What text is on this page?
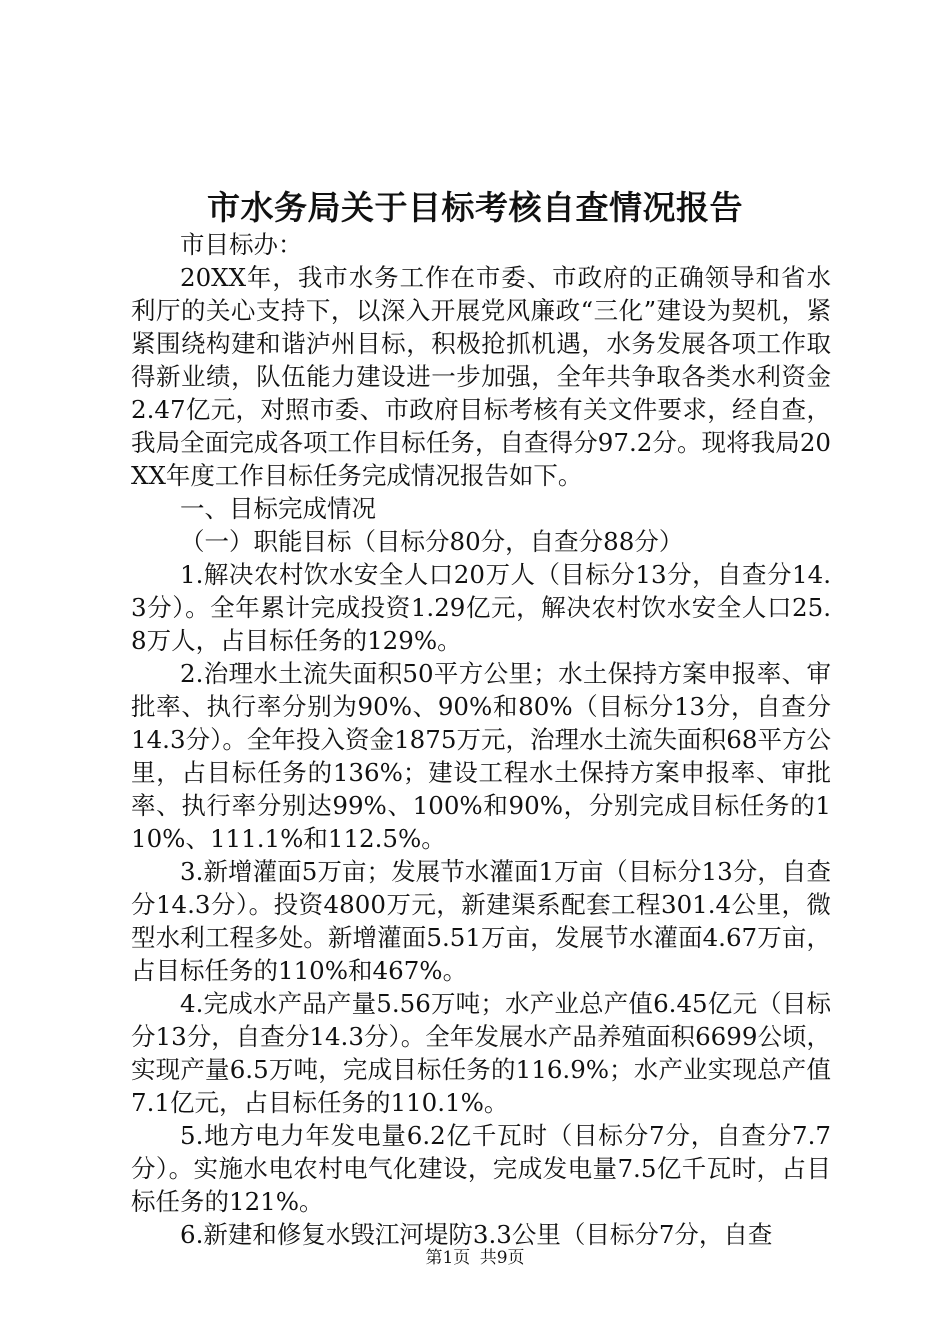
市水务局关于目标考核自查情况报告

市目标办：

20XX年，我市水务工作在市委、市政府的正确领导和省水利厅的关心支持下，以深入开展党风廉政“三化”建设为契机，紧紧围绕构建和谐泸州目标，积极抢抓机遇，水务发展各项工作取得新业绩，队伍能力建设进一步加强，全年共争取各类水利资金2.47亿元，对照市委、市政府目标考核有关文件要求，经自查，我局全面完成各项工作目标任务，自查得分97.2分。现将我局20XX年度工作目标任务完成情况报告如下。

一、目标完成情况

（一）职能目标（目标分80分，自查分88分）

1.解决农村饮水安全人口20万人（目标分13分，自查分14.3分）。全年累计完成投资1.29亿元，解决农村饮水安全人口25.8万人，占目标任务的129%。

2.治理水土流失面积50平方公里；水土保持方案申报率、审批率、执行率分别为90%、90%和80%（目标分13分，自查分14.3分）。全年投入资金1875万元，治理水土流失面积68平方公里，占目标任务的136%；建设工程水土保持方案申报率、审批率、执行率分别达99%、100%和90%，分别完成目标任务的110%、111.1%和112.5%。

3.新增灌面5万亩；发展节水灌面1万亩（目标分13分，自查分14.3分）。投资4800万元，新建渠系配套工程301.4公里，微型水利工程多处。新增灌面5.51万亩，发展节水灌面4.67万亩，占目标任务的110%和467%。

4.完成水产品产量5.56万吨；水产业总产值6.45亿元（目标分13分，自查分14.3分）。全年发展水产品养殖面积6699公顷，实现产量6.5万吨，完成目标任务的116.9%；水产业实现总产值7.1亿元，占目标任务的110.1%。

5.地方电力年发电量6.2亿千瓦时（目标分7分，自查分7.7分）。实施水电农村电气化建设，完成发电量7.5亿千瓦时，占目标任务的121%。

6.新建和修复水毁江河堤防3.3公里（目标分7分，自查

第1页 共9页
